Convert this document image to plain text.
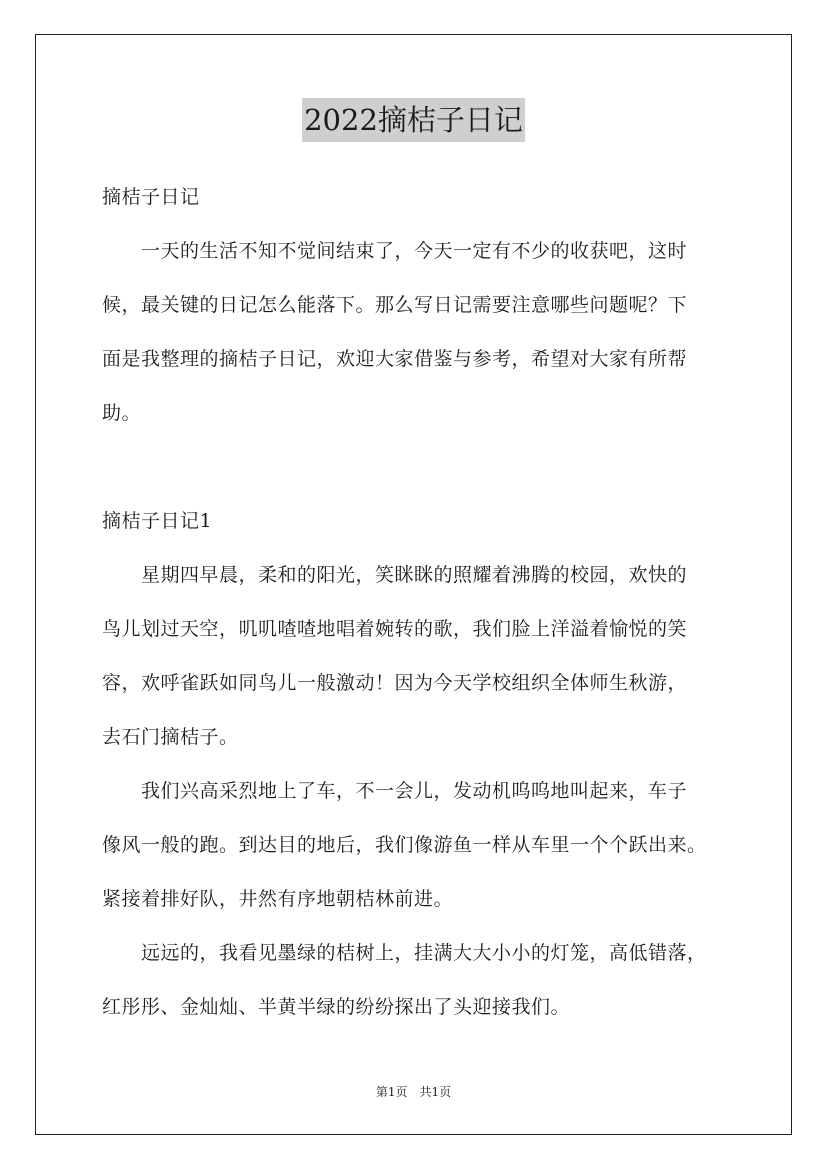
2022摘桔子日记
摘桔子日记
　　一天的生活不知不觉间结束了，今天一定有不少的收获吧，这时
候，最关键的日记怎么能落下。那么写日记需要注意哪些问题呢？下
面是我整理的摘桔子日记，欢迎大家借鉴与参考，希望对大家有所帮
助。
摘桔子日记1
　　星期四早晨，柔和的阳光，笑眯眯的照耀着沸腾的校园，欢快的
鸟儿划过天空，叽叽喳喳地唱着婉转的歌，我们脸上洋溢着愉悦的笑
容，欢呼雀跃如同鸟儿一般激动！因为今天学校组织全体师生秋游，
去石门摘桔子。
　　我们兴高采烈地上了车，不一会儿，发动机呜呜地叫起来，车子
像风一般的跑。到达目的地后，我们像游鱼一样从车里一个个跃出来。
紧接着排好队，井然有序地朝桔林前进。
　　远远的，我看见墨绿的桔树上，挂满大大小小的灯笼，高低错落，
红彤彤、金灿灿、半黄半绿的纷纷探出了头迎接我们。
第1页　共1页
